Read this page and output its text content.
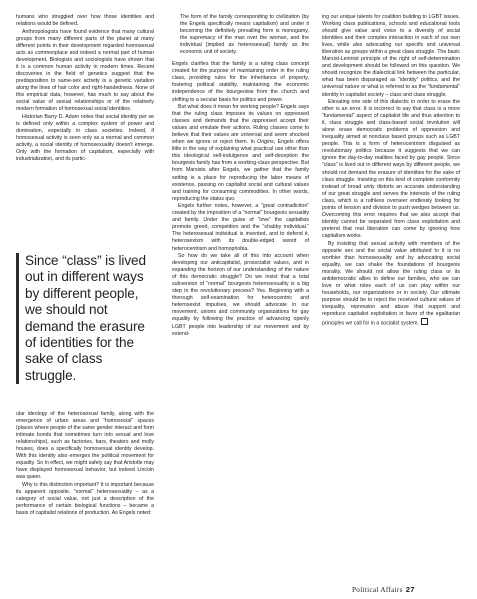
humans who struggled over how those identities and relations would be defined.

Anthropologists have found evidence that many cultural groups from many different parts of the planet at many different points in their development regarded homosexual acts as commonplace and indeed a normal part of human development. Biologists and sociologists have shown that it is a common human activity in modern times. Recent discoveries in the field of genetics suggest that the predisposition to same-sex activity is a genetic variation along the lines of hair color and right-handedness. None of this empirical data, however, has much to say about the social value of sexual relationships or of the relatively modern formation of homosexual social identities.

Historian Barry D. Adam notes that social identity per se is defined only within a complex system of power and domination, especially in class societies. Indeed, if homosexual activity is seen only as a normal and common activity, a social identity of homosexuality doesn't emerge. Only with the formation of capitalism, especially with industrialization, and its partic-

Since “class” is lived out in different ways by different people, we should not demand the erasure of identities for the sake of class struggle.

ular ideology of the heterosexual family, along with the emergence of urban areas and “homosocial” spaces (places where people of the same gender interact and form intimate bonds that sometimes turn into sexual and love relationships), such as factories, bars, theaters and molly houses, does a specifically homosexual identity develop. With this identity also emerges the political movement for equality. So in effect, we might safely say that Aristotle may have displayed homosexual behavior, but indeed Lincoln was queer.

Why is this distinction important? It is important because its apparent opposite, “normal” heterosexuality – as a category of social value, not just a description of the performance of certain biological functions – became a basis of capitalist relations of production. As Engels noted:

The form of the family corresponding to civilization (by the Engels specifically means capitalism) and under it becoming the definitely prevailing form is monogamy, the supremacy of the man over the woman, and the individual [implied as heterosexual] family as the economic unit of society.

Engels clarifies that the family is a ruling class concept created for the purpose of maintaining order in the ruling class, providing rules for the inheritance of property, fostering political stability, maintaining the economic independence of the bourgeoisie from the church and shifting to a secular basis for politics and power.

But what does it mean for working people? Engels says that the ruling class imposes its values on oppressed classes and demands that the oppressed accept their values and emulate their actions. Ruling classes come to believe that their values are universal and seem shocked when we ignore or reject them. In Origins, Engels offers little in the way of explaining what practical use other than this ideological self-indulgence and self-deception the bourgeois family has from a working-class perspective. But from Marxists after Engels, we gather that the family setting is a place for reproducing the labor means of existence, passing on capitalist social and cultural values and training for consuming commodities. In other words, reproducing the status quo.

Engels further notes, however, a “great contradiction” created by the imposition of a “normal” bourgeois sexuality and family. Under the guise of “love” the capitalists promote greed, competition and the “shabby individual.” The heterosexual individual is invented, and to defend it, heterosexism with its double-edged sword of heterocentrism and homophobia.

So how do we take all of this into account when developing our anticapitalist, prosocialist values, and in expanding the horizon of our understanding of the nature of this democratic struggle? Do we insist that a total subversion of “normal” bourgeois heterosexuality is a big step in the revolutionary process? Yes. Beginning with a thorough self-examination for heterocentric and heterosexist impulses, we should advocate in our movement, unions and community organizations for gay equality by following the practice of advancing openly LGBT people into leadership of our movement and by extend-

ing our unique talents for coalition building to LGBT issues. Working class publications, schools and educational tools should give value and voice to a diversity of social identities and their complex interaction in each of our own lives, while also advocating our specific and universal liberation as groups within a great class struggle. The basic Marxist-Leninist principle of the right of self-determination and development should be followed on this question. We should recognize the dialectical link between the particular, what has been disparaged as “identity” politics, and the universal nature or what is referred to as the “fundamental” identity in capitalist society – class and class struggle.

Elevating one side of this dialectic in order to erase the other is an error. It is incorrect to say that class is a more “fundamental” aspect of capitalist life and thus attention to it, class struggle and class-based social revolution will alone erase democratic problems of oppression and inequality aimed at nonclass based groups such as LGBT people. This is a form of heterocentrism disguised as revolutionary politics because it suggests that we can ignore the day-to-day realities faced by gay people. Since “class” is lived out in different ways by different people, we should not demand the erasure of identities for the sake of class struggle. Insisting on this kind of complete conformity instead of broad unity distorts an accurate understanding of our great struggle and serves the interests of the ruling class, which is a ruthless overseer endlessly looking for points of tension and division to push wedges between us. Overcoming this error requires that we also accept that identity cannot be separated from class exploitation and pretend that real liberation can come by ignoring how capitalism works.

By insisting that sexual activity with members of the opposite sex and the social value attributed to it is no worthier than homosexuality and by advocating social equality, we can shake the foundations of bourgeois morality. We should not allow the ruling class or its antidemocratic allies to define our families, who we can love or what roles each of us can play within our households, our organizations or in society. Our ultimate purpose should be to reject the received cultural values of inequality, repression and abuse that support and reproduce capitalist exploitation in favor of the egalitarian principles we call for in a socialist system.

Political Affairs 27
